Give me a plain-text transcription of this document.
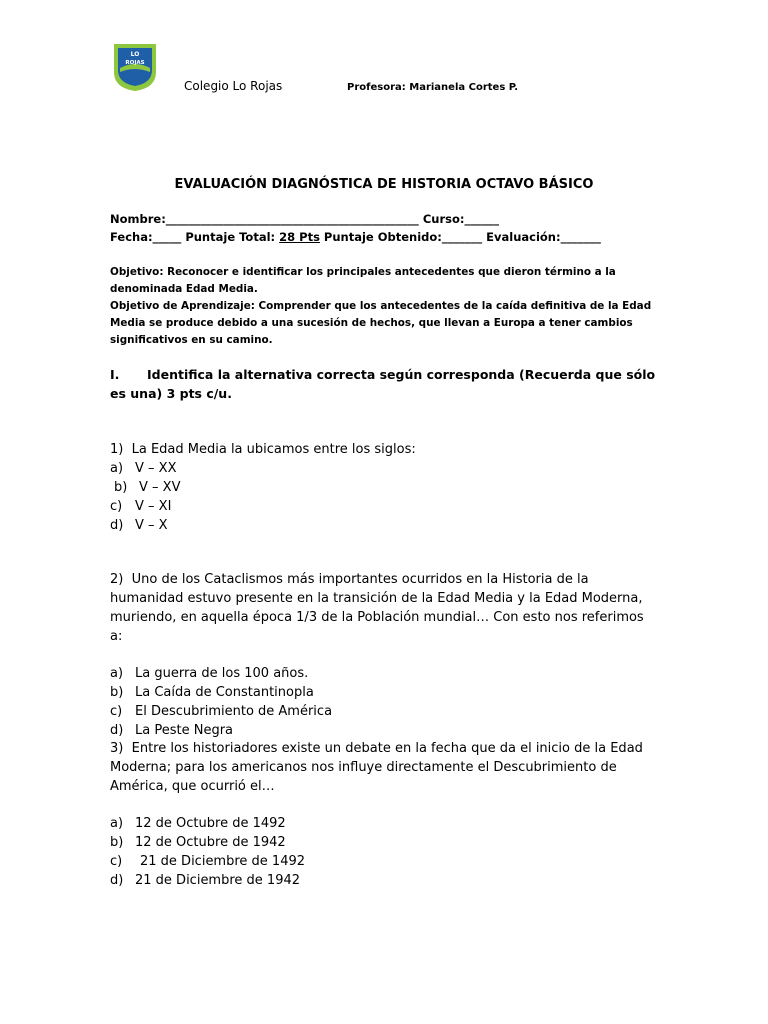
LO
ROJAS
Colegio Lo Rojas	Profesora: Marianela Cortes P.
EVALUACIÓN DIAGNÓSTICA DE HISTORIA OCTAVO BÁSICO
Nombre:____________________________________________ Curso:______
Fecha:_____ Puntaje Total: 28 Pts Puntaje Obtenido:_______ Evaluación:_______

Objetivo: Reconocer e identificar los principales antecedentes que dieron término a la denominada Edad Media.

Objetivo de Aprendizaje: Comprender que los antecedentes de la caída definitiva de la Edad Media se produce debido a una sucesión de hechos, que llevan a Europa a tener cambios significativos en su camino.

I. Identifica la alternativa correcta según corresponda (Recuerda que sólo es una) 3 pts c/u.

1) La Edad Media la ubicamos entre los siglos:

a) V – XX
b) V – XV
c) V – XI
d) V – X

2) Uno de los Cataclismos más importantes ocurridos en la Historia de la humanidad estuvo presente en la transición de la Edad Media y la Edad Moderna, muriendo, en aquella época 1/3 de la Población mundial… Con esto nos referimos a:

a) La guerra de los 100 años.
b) La Caída de Constantinopla
c) El Descubrimiento de América
d) La Peste Negra

3) Entre los historiadores existe un debate en la fecha que da el inicio de la Edad Moderna; para los americanos nos influye directamente el Descubrimiento de América, que ocurrió el…

a) 12 de Octubre de 1492
b) 12 de Octubre de 1942
c) 21 de Diciembre de 1492
d) 21 de Diciembre de 1942
